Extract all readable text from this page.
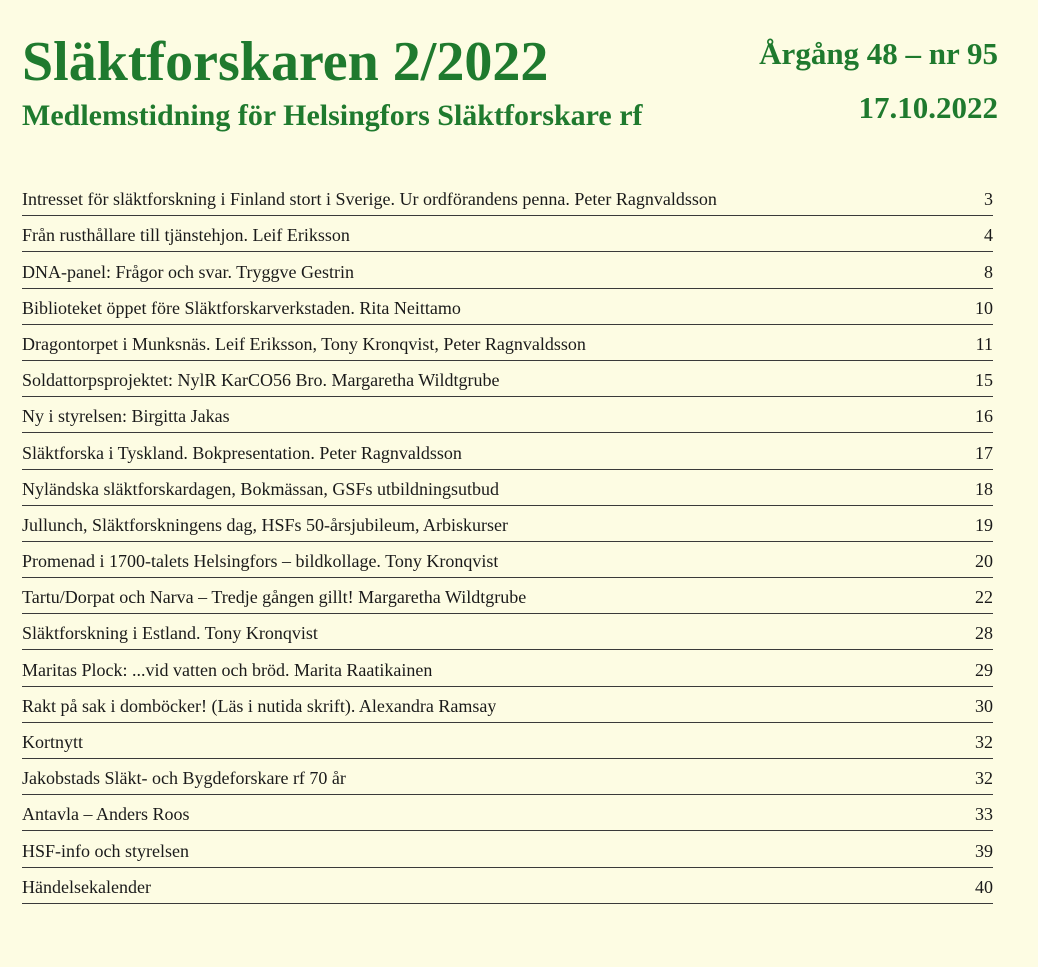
Släktforskaren 2/2022
Medlemstidning för Helsingfors Släktforskare rf
Årgång 48 – nr 95
17.10.2022
Intresset för släktforskning i Finland stort i Sverige. Ur ordförandens penna. Peter Ragnvaldsson	3
Från rusthållare till tjänstehjon. Leif Eriksson	4
DNA-panel: Frågor och svar. Tryggve Gestrin	8
Biblioteket öppet före Släktforskarverkstaden. Rita Neittamo	10
Dragontorpet i Munksnäs. Leif Eriksson, Tony Kronqvist, Peter Ragnvaldsson	11
Soldattorpsprojektet: NylR KarCO56 Bro. Margaretha Wildtgrube	15
Ny i styrelsen: Birgitta Jakas	16
Släktforska i Tyskland. Bokpresentation. Peter Ragnvaldsson	17
Nyländska släktforskardagen, Bokmässan, GSFs utbildningsutbud	18
Jullunch, Släktforskningens dag, HSFs 50-årsjubileum, Arbiskurser	19
Promenad i 1700-talets Helsingfors – bildkollage. Tony Kronqvist	20
Tartu/Dorpat och Narva – Tredje gången gillt! Margaretha Wildtgrube	22
Släktforskning i Estland. Tony Kronqvist	28
Maritas Plock: ...vid vatten och bröd. Marita Raatikainen	29
Rakt på sak i domböcker! (Läs i nutida skrift). Alexandra Ramsay	30
Kortnytt	32
Jakobstads Släkt- och Bygdeforskare rf 70 år	32
Antavla – Anders Roos	33
HSF-info och styrelsen	39
Händelsekalender	40
